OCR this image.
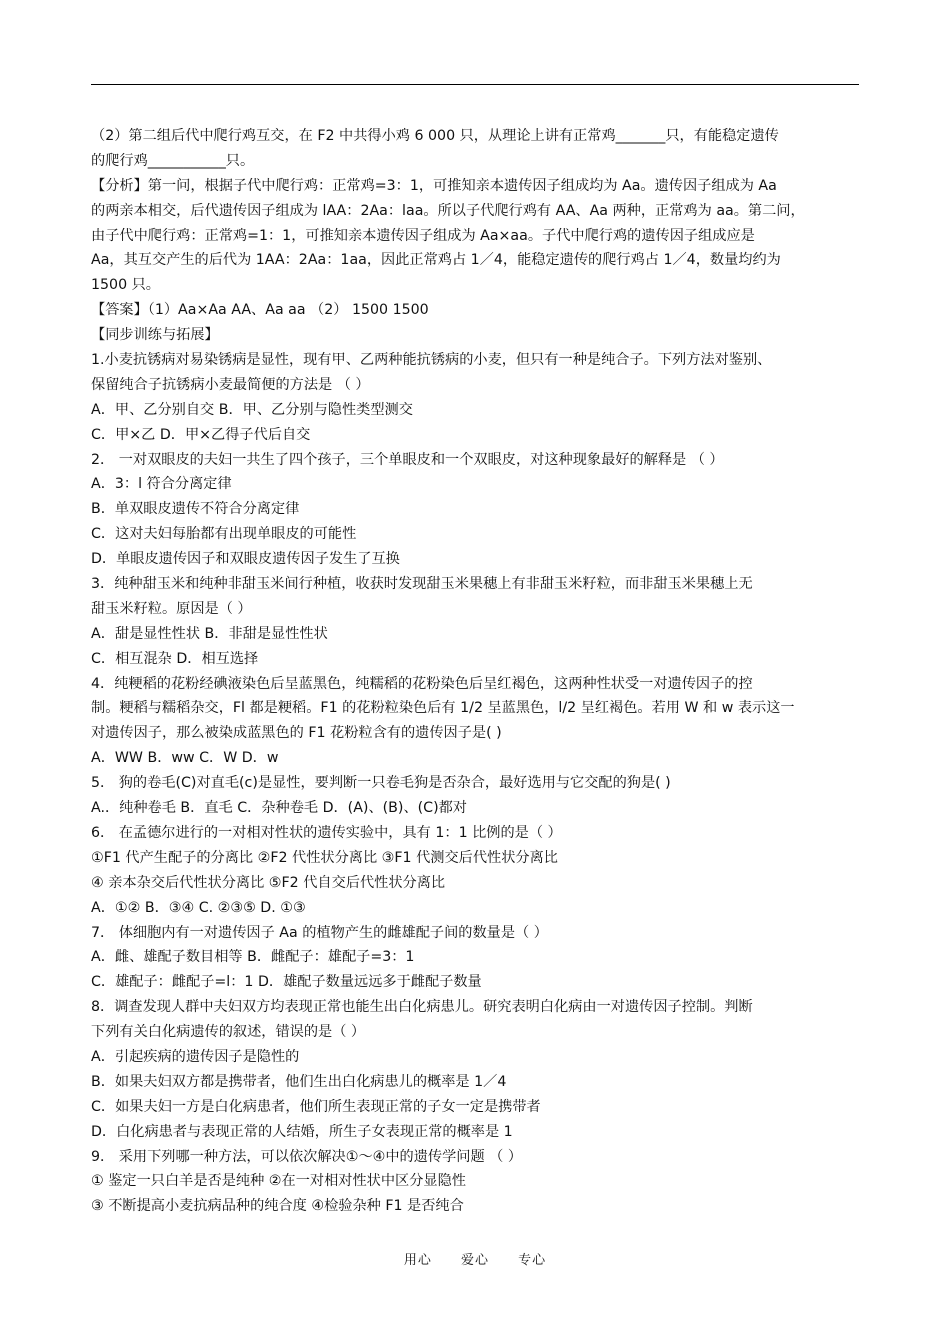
（2）第二组后代中爬行鸡互交，在 F2 中共得小鸡 6 000 只，从理论上讲有正常鸡_______只，有能稳定遗传
的爬行鸡___________只。
【分析】第一问，根据子代中爬行鸡：正常鸡=3：1，可推知亲本遗传因子组成均为 Aa。遗传因子组成为 Aa
的两亲本相交，后代遗传因子组成为 lAA：2Aa：laa。所以子代爬行鸡有 AA、Aa 两种，正常鸡为 aa。第二问，
由子代中爬行鸡：正常鸡=1：1，可推知亲本遗传因子组成为 Aa×aa。子代中爬行鸡的遗传因子组成应是
Aa，其互交产生的后代为 1AA：2Aa：1aa，因此正常鸡占 1／4，能稳定遗传的爬行鸡占 1／4，数量均约为
1500 只。
【答案】（1）Aa×Aa AA、Aa aa （2） 1500 1500
【同步训练与拓展】
1.小麦抗锈病对易染锈病是显性，现有甲、乙两种能抗锈病的小麦，但只有一种是纯合子。下列方法对鉴别、
保留纯合子抗锈病小麦最简便的方法是 （ ）
A．甲、乙分别自交 B．甲、乙分别与隐性类型测交
C．甲×乙 D．甲×乙得子代后自交
2． 一对双眼皮的夫妇一共生了四个孩子，三个单眼皮和一个双眼皮，对这种现象最好的解释是 （ ）
A．3：l 符合分离定律
B．单双眼皮遗传不符合分离定律
C．这对夫妇每胎都有出现单眼皮的可能性
D．单眼皮遗传因子和双眼皮遗传因子发生了互换
3．纯种甜玉米和纯种非甜玉米间行种植，收获时发现甜玉米果穗上有非甜玉米籽粒，而非甜玉米果穗上无
甜玉米籽粒。原因是（ ）
A．甜是显性性状 B．非甜是显性性状
C．相互混杂 D．相互选择
4．纯粳稻的花粉经碘液染色后呈蓝黑色，纯糯稻的花粉染色后呈红褐色，这两种性状受一对遗传因子的控
制。粳稻与糯稻杂交，Fl 都是粳稻。F1 的花粉粒染色后有 1/2 呈蓝黑色，l/2 呈红褐色。若用 W 和 w 表示这一
对遗传因子，那么被染成蓝黑色的 F1 花粉粒含有的遗传因子是( )
A．WW B．ww C．W D．w
5． 狗的卷毛(C)对直毛(c)是显性，要判断一只卷毛狗是否杂合，最好选用与它交配的狗是( )
A.．纯种卷毛 B．直毛 C．杂种卷毛 D．(A)、(B)、(C)都对
6． 在孟德尔进行的一对相对性状的遗传实验中，具有 1：1 比例的是（ ）
①F1 代产生配子的分离比 ②F2 代性状分离比 ③F1 代测交后代性状分离比
④ 亲本杂交后代性状分离比 ⑤F2 代自交后代性状分离比
A．①② B．③④ C. ②③⑤ D. ①③
7． 体细胞内有一对遗传因子 Aa 的植物产生的雌雄配子间的数量是（ ）
A．雌、雄配子数目相等 B．雌配子：雄配子=3：1
C．雄配子：雌配子=l：1 D．雄配子数量远远多于雌配子数量
8．调查发现人群中夫妇双方均表现正常也能生出白化病患儿。研究表明白化病由一对遗传因子控制。判断
下列有关白化病遗传的叙述，错误的是（ ）
A．引起疾病的遗传因子是隐性的
B．如果夫妇双方都是携带者，他们生出白化病患儿的概率是 1／4
C．如果夫妇一方是白化病患者，他们所生表现正常的子女一定是携带者
D．白化病患者与表现正常的人结婚，所生子女表现正常的概率是 1
9． 采用下列哪一种方法，可以依次解决①～④中的遗传学问题 （ ）
① 鉴定一只白羊是否是纯种 ②在一对相对性状中区分显隐性
③ 不断提高小麦抗病品种的纯合度 ④检验杂种 F1 是否纯合
用心 爱心 专心
